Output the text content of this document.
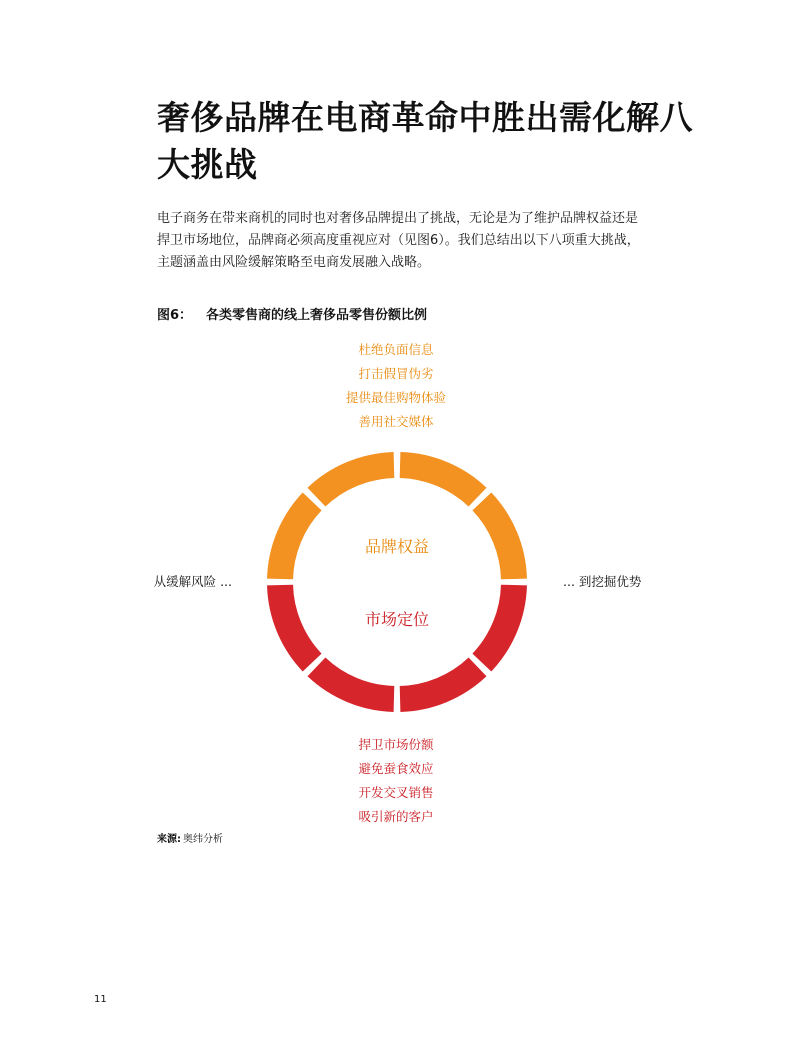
奢侈品牌在电商革命中胜出需化解八大挑战

电子商务在带来商机的同时也对奢侈品牌提出了挑战，无论是为了维护品牌权益还是捍卫市场地位，品牌商必须高度重视应对（见图6）。我们总结出以下八项重大挑战，主题涵盖由风险缓解策略至电商发展融入战略。

图6： 各类零售商的线上奢侈品零售份额比例
杜绝负面信息
打击假冒伪劣
提供最佳购物体验
善用社交媒体
从缓解风险 ...	... 到挖掘优势
品牌权益
市场定位
捍卫市场份额
避免蚕食效应
开发交叉销售
吸引新的客户
来源: 奥纬分析
11
